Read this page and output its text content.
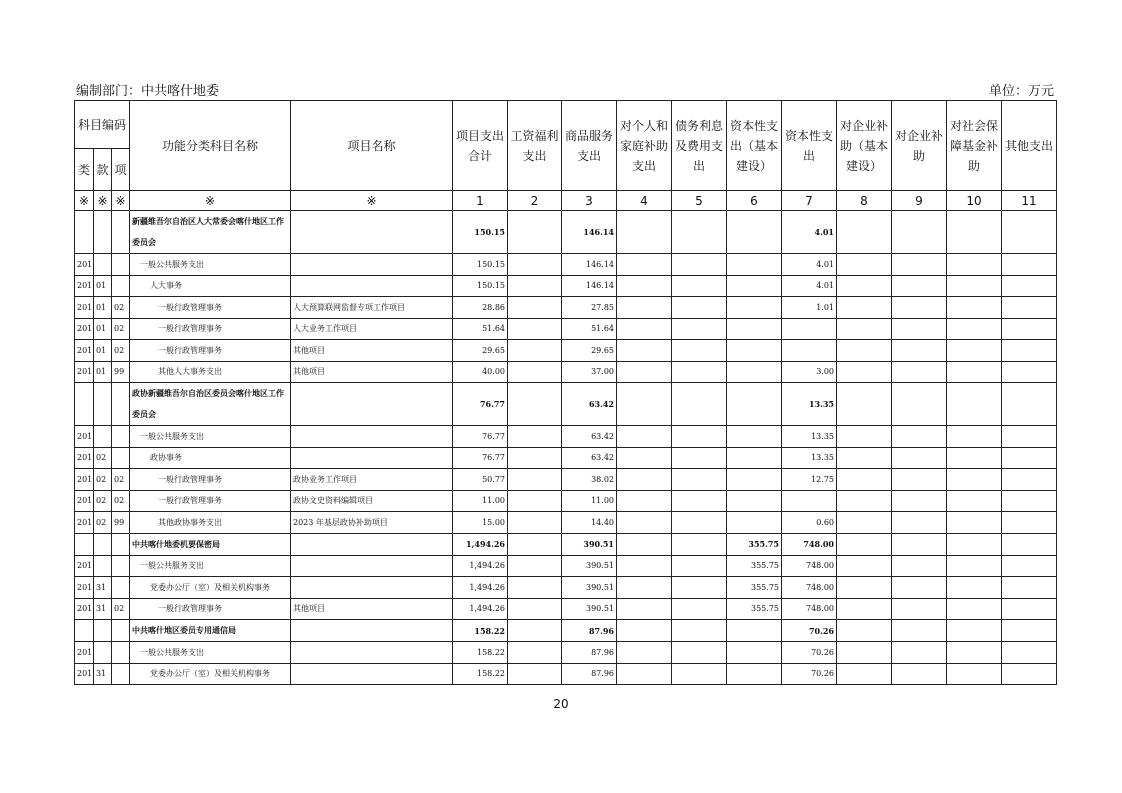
编制部门：中共喀什地委	单位：万元
科目编码			功能分类科目名称	项目名称	项目支出合计	工资福利支出	商品服务支出	对个人和家庭补助支出	债务利息及费用支出	资本性支出（基本建设）	资本性支出	对企业补助（基本建设）	对企业补助	对社会保障基金补助	其他支出
类	款	项													
※	※	※	※	※	1	2	3	4	5	6	7	8	9	10	11
			新疆维吾尔自治区人大常委会喀什地区工作委员会		150.15		146.14				4.01				
201			一般公共服务支出		150.15		146.14				4.01				
201	01		人大事务		150.15		146.14				4.01				
201	01	02	一般行政管理事务	人大预算联网监督专项工作项目	28.86		27.85				1.01				
201	01	02	一般行政管理事务	人大业务工作项目	51.64		51.64								
201	01	02	一般行政管理事务	其他项目	29.65		29.65								
201	01	99	其他人大事务支出	其他项目	40.00		37.00				3.00				
			政协新疆维吾尔自治区委员会喀什地区工作委员会		76.77		63.42				13.35				
201			一般公共服务支出		76.77		63.42				13.35				
201	02		政协事务		76.77		63.42				13.35				
201	02	02	一般行政管理事务	政协业务工作项目	50.77		38.02				12.75				
201	02	02	一般行政管理事务	政协文史资料编辑项目	11.00		11.00								
201	02	99	其他政协事务支出	2023 年基层政协补助项目	15.00		14.40				0.60				
			中共喀什地委机要保密局		1,494.26		390.51			355.75	748.00				
201			一般公共服务支出		1,494.26		390.51			355.75	748.00				
201	31		党委办公厅（室）及相关机构事务		1,494.26		390.51			355.75	748.00				
201	31	02	一般行政管理事务	其他项目	1,494.26		390.51			355.75	748.00				
			中共喀什地区委员专用通信局		158.22		87.96				70.26				
201			一般公共服务支出		158.22		87.96				70.26				
201	31		党委办公厅（室）及相关机构事务		158.22		87.96				70.26				
20
